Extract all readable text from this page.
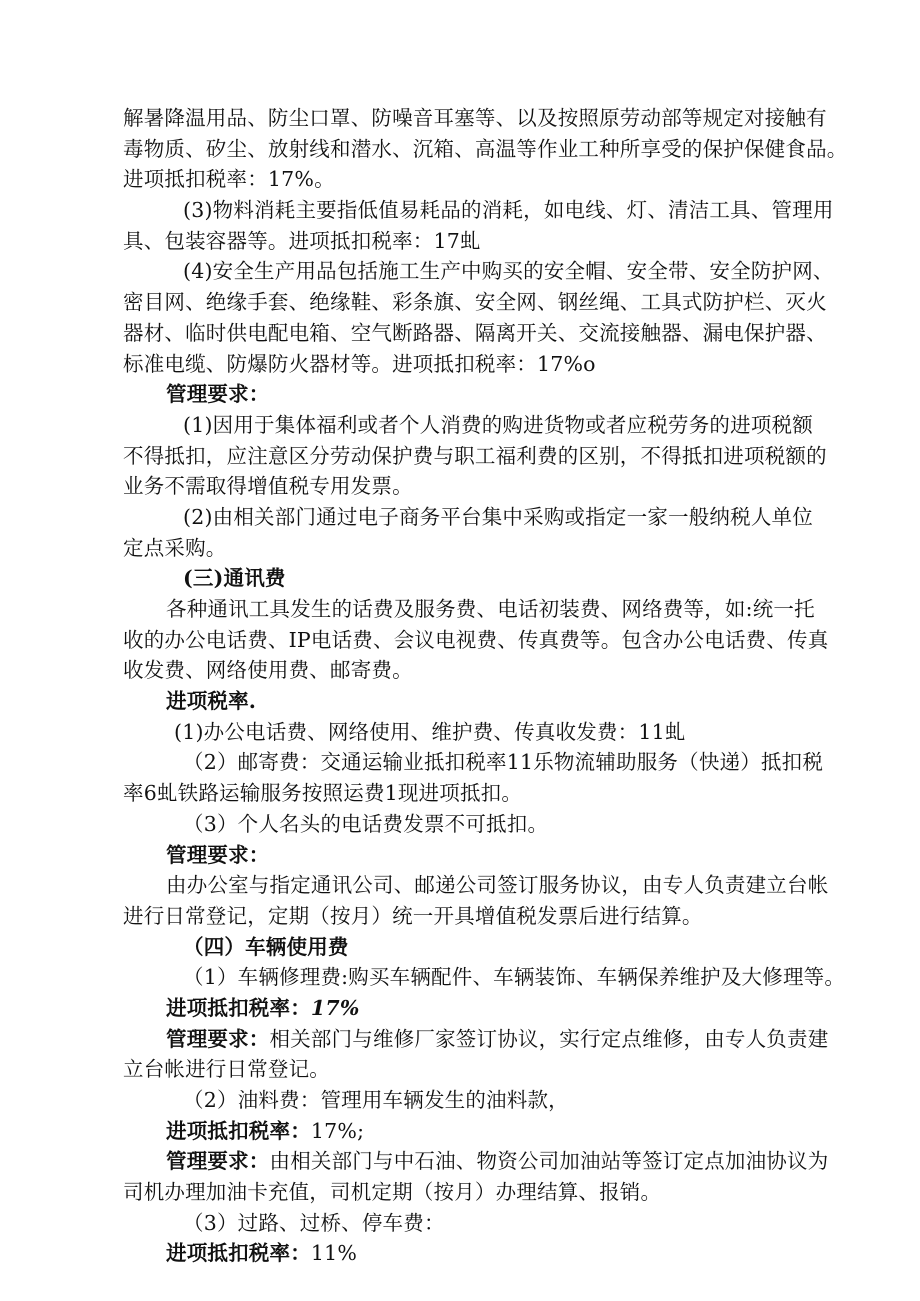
解暑降温用品、防尘口罩、防噪音耳塞等、以及按照原劳动部等规定对接触有
毒物质、矽尘、放射线和潜水、沉箱、高温等作业工种所享受的保护保健食品。
进项抵扣税率：17%。
(3)物料消耗主要指低值易耗品的消耗，如电线、灯、清洁工具、管理用
具、包装容器等。进项抵扣税率：17虬
(4)安全生产用品包括施工生产中购买的安全帽、安全带、安全防护网、
密目网、绝缘手套、绝缘鞋、彩条旗、安全网、钢丝绳、工具式防护栏、灭火
器材、临时供电配电箱、空气断路器、隔离开关、交流接触器、漏电保护器、
标准电缆、防爆防火器材等。进项抵扣税率：17%o
管理要求：
(1)因用于集体福利或者个人消费的购进货物或者应税劳务的进项税额
不得抵扣，应注意区分劳动保护费与职工福利费的区别，不得抵扣进项税额的
业务不需取得增值税专用发票。
(2)由相关部门通过电子商务平台集中采购或指定一家一般纳税人单位
定点采购。
(三)通讯费
各种通讯工具发生的话费及服务费、电话初装费、网络费等，如:统一托
收的办公电话费、IP电话费、会议电视费、传真费等。包含办公电话费、传真
收发费、网络使用费、邮寄费。
进项税率.
(1)办公电话费、网络使用、维护费、传真收发费：11虬
（2）邮寄费：交通运输业抵扣税率11乐物流辅助服务（快递）抵扣税
率6虬铁路运输服务按照运费1现进项抵扣。
（3）个人名头的电话费发票不可抵扣。
管理要求：
由办公室与指定通讯公司、邮递公司签订服务协议，由专人负责建立台帐
进行日常登记，定期（按月）统一开具增值税发票后进行结算。
（四）车辆使用费
（1）车辆修理费:购买车辆配件、车辆装饰、车辆保养维护及大修理等。
进项抵扣税率：17%
管理要求：相关部门与维修厂家签订协议，实行定点维修，由专人负责建
立台帐进行日常登记。
（2）油料费：管理用车辆发生的油料款，
进项抵扣税率：17%;
管理要求：由相关部门与中石油、物资公司加油站等签订定点加油协议为
司机办理加油卡充值，司机定期（按月）办理结算、报销。
（3）过路、过桥、停车费：
进项抵扣税率：11%
